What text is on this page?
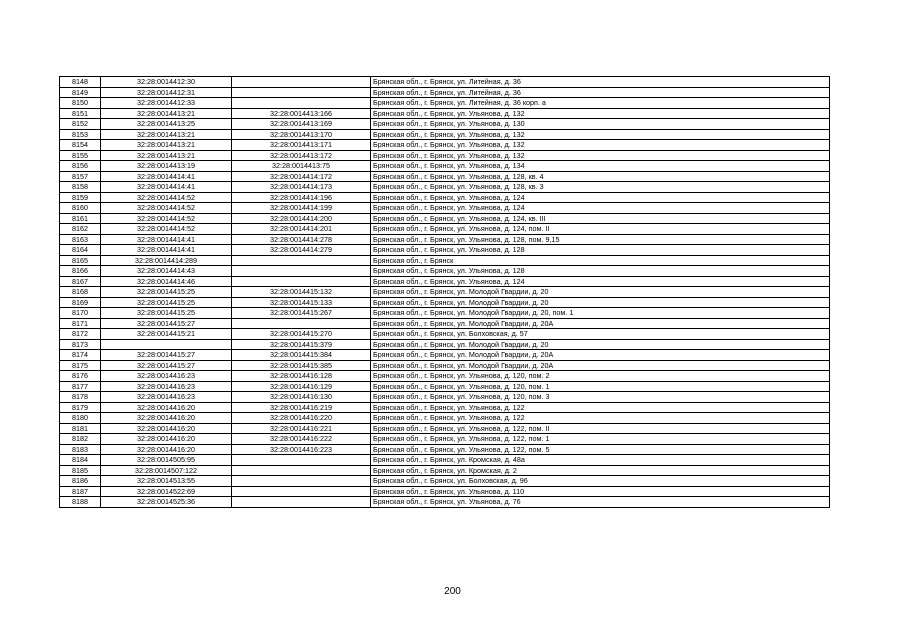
8148	32:28:0014412:30		Брянская обл., г. Брянск, ул. Литейная, д. 36
8149	32:28:0014412:31		Брянская обл., г. Брянск, ул. Литейная, д. 36
8150	32:28:0014412:33		Брянская обл., г. Брянск, ул. Литейная, д. 36 корп. а
8151	32:28:0014413:21	32:28:0014413:166	Брянская обл., г. Брянск, ул. Ульянова, д. 132
8152	32:28:0014413:25	32:28:0014413:169	Брянская обл., г. Брянск, ул. Ульянова, д. 130
8153	32:28:0014413:21	32:28:0014413:170	Брянская обл., г. Брянск, ул. Ульянова, д. 132
8154	32:28:0014413:21	32:28:0014413:171	Брянская обл., г. Брянск, ул. Ульянова, д. 132
8155	32:28:0014413:21	32:28:0014413:172	Брянская обл., г. Брянск, ул. Ульянова, д. 132
8156	32:28:0014413:19	32:28:0014413:75	Брянская обл., г. Брянск, ул. Ульянова, д. 134
8157	32:28:0014414:41	32:28:0014414:172	Брянская обл., г. Брянск, ул. Ульянова, д. 128, кв. 4
8158	32:28:0014414:41	32:28:0014414:173	Брянская обл., г. Брянск, ул. Ульянова, д. 128, кв. 3
8159	32:28:0014414:52	32:28:0014414:196	Брянская обл., г. Брянск, ул. Ульянова, д. 124
8160	32:28:0014414:52	32:28:0014414:199	Брянская обл., г. Брянск, ул. Ульянова, д. 124
8161	32:28:0014414:52	32:28:0014414:200	Брянская обл., г. Брянск, ул. Ульянова, д. 124, кв. III
8162	32:28:0014414:52	32:28:0014414:201	Брянская обл., г. Брянск, ул. Ульянова, д. 124, пом. II
8163	32:28:0014414:41	32:28:0014414:278	Брянская обл., г. Брянск, ул. Ульянова, д. 128, пом. 9,15
8164	32:28:0014414:41	32:28:0014414:279	Брянская обл., г. Брянск, ул. Ульянова, д. 128
8165	32:28:0014414:289		Брянская обл., г. Брянск
8166	32:28:0014414:43		Брянская обл., г. Брянск, ул. Ульянова, д. 128
8167	32:28:0014414:46		Брянская обл., г. Брянск, ул. Ульянова, д. 124
8168	32:28:0014415:25	32:28:0014415:132	Брянская обл., г. Брянск, ул. Молодой Гвардии, д. 20
8169	32:28:0014415:25	32:28:0014415:133	Брянская обл., г. Брянск, ул. Молодой Гвардии, д. 20
8170	32:28:0014415:25	32:28:0014415:267	Брянская обл., г. Брянск, ул. Молодой Гвардии, д. 20, пом. 1
8171	32:28:0014415:27		Брянская обл., г. Брянск, ул. Молодой Гвардии, д. 20А
8172	32:28:0014415:21	32:28:0014415:270	Брянская обл., г. Брянск, ул. Болховская, д. 57
8173		32:28:0014415:379	Брянская обл., г. Брянск, ул. Молодой Гвардии, д. 20
8174	32:28:0014415:27	32:28:0014415:384	Брянская обл., г. Брянск, ул. Молодой Гвардии, д. 20А
8175	32:28:0014415:27	32:28:0014415:385	Брянская обл., г. Брянск, ул. Молодой Гвардии, д. 20А
8176	32:28:0014416:23	32:28:0014416:128	Брянская обл., г. Брянск, ул. Ульянова, д. 120, пом. 2
8177	32:28:0014416:23	32:28:0014416:129	Брянская обл., г. Брянск, ул. Ульянова, д. 120, пом. 1
8178	32:28:0014416:23	32:28:0014416:130	Брянская обл., г. Брянск, ул. Ульянова, д. 120, пом. 3
8179	32:28:0014416:20	32:28:0014416:219	Брянская обл., г. Брянск, ул. Ульянова, д. 122
8180	32:28:0014416:20	32:28:0014416:220	Брянская обл., г. Брянск, ул. Ульянова, д. 122
8181	32:28:0014416:20	32:28:0014416:221	Брянская обл., г. Брянск, ул. Ульянова, д. 122, пом. II
8182	32:28:0014416:20	32:28:0014416:222	Брянская обл., г. Брянск, ул. Ульянова, д. 122, пом. 1
8183	32:28:0014416:20	32:28:0014416:223	Брянская обл., г. Брянск, ул. Ульянова, д. 122, пом. 5
8184	32:28:0014505:95		Брянская обл., г. Брянск, ул. Кромская, д. 48а
8185	32:28:0014507:122		Брянская обл., г. Брянск, ул. Кромская, д. 2
8186	32:28:0014513:55		Брянская обл., г. Брянск, ул. Болховская, д. 96
8187	32:28:0014522:69		Брянская обл., г. Брянск, ул. Ульянова, д. 110
8188	32:28:0014525:36		Брянская обл., г. Брянск, ул. Ульянова, д. 76
200
